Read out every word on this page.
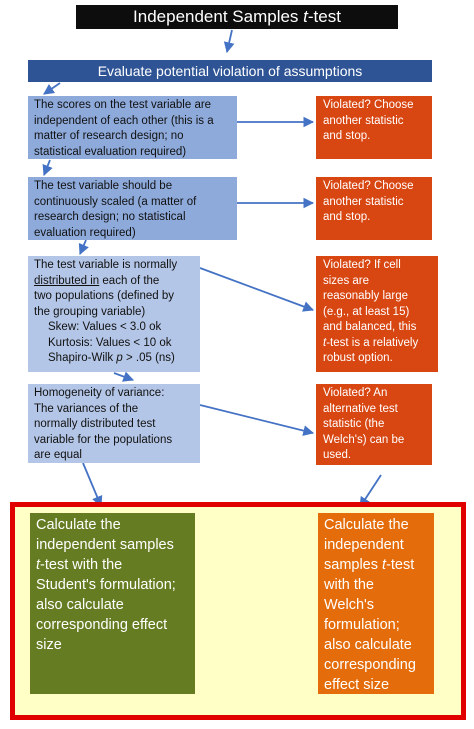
Independent Samples t-test
Evaluate potential violation of assumptions
The scores on the test variable are
independent of each other (this is a
matter of research design; no
statistical evaluation required)
The test variable should be
continuously scaled (a matter of
research design; no statistical
evaluation required)
The test variable is normally
distributed in each of the
two populations (defined by
the grouping variable)
Skew: Values < 3.0 ok
Kurtosis: Values < 10 ok
Shapiro-Wilk p > .05 (ns)
Homogeneity of variance:
The variances of the
normally distributed test
variable for the populations
are equal
Violated? Choose
another statistic
and stop.
Violated? Choose
another statistic
and stop.
Violated? If cell
sizes are
reasonably large
(e.g., at least 15)
and balanced, this
t-test is a relatively
robust option.
Violated? An
alternative test
statistic (the
Welch's) can be
used.
Calculate the
independent samples
t-test with the
Student's formulation;
also calculate
corresponding effect
size
Calculate the
independent
samples t-test
with the
Welch's
formulation;
also calculate
corresponding
effect size
